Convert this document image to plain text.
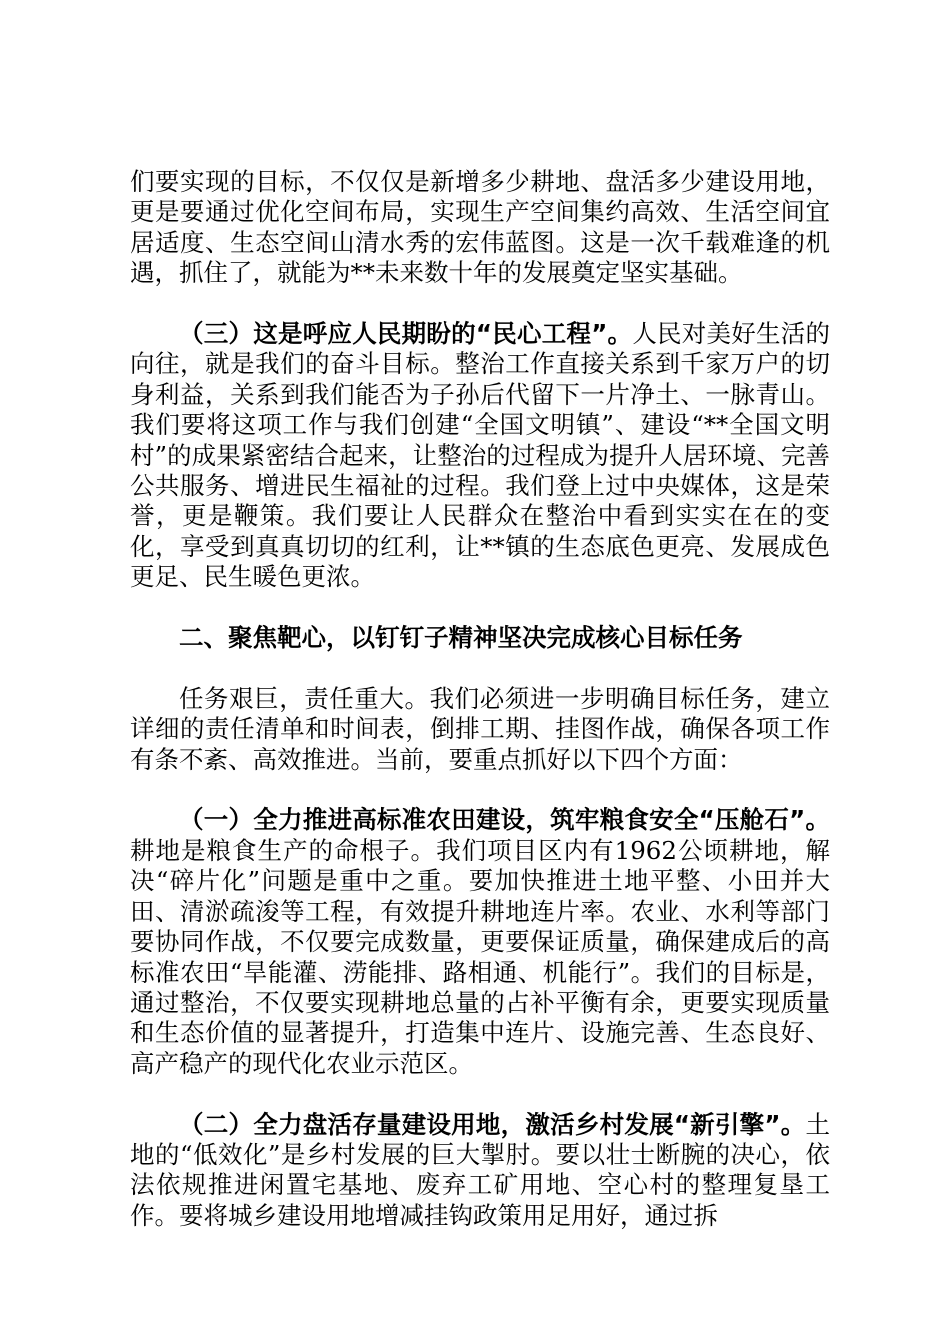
们要实现的目标，不仅仅是新增多少耕地、盘活多少建设用地，更是要通过优化空间布局，实现生产空间集约高效、生活空间宜居适度、生态空间山清水秀的宏伟蓝图。这是一次千载难逢的机遇，抓住了，就能为**未来数十年的发展奠定坚实基础。

（三）这是呼应人民期盼的“民心工程”。人民对美好生活的向往，就是我们的奋斗目标。整治工作直接关系到千家万户的切身利益，关系到我们能否为子孙后代留下一片净土、一脉青山。我们要将这项工作与我们创建“全国文明镇”、建设“**全国文明村”的成果紧密结合起来，让整治的过程成为提升人居环境、完善公共服务、增进民生福祉的过程。我们登上过中央媒体，这是荣誉，更是鞭策。我们要让人民群众在整治中看到实实在在的变化，享受到真真切切的红利，让**镇的生态底色更亮、发展成色更足、民生暖色更浓。

二、聚焦靶心，以钉钉子精神坚决完成核心目标任务

任务艰巨，责任重大。我们必须进一步明确目标任务，建立详细的责任清单和时间表，倒排工期、挂图作战，确保各项工作有条不紊、高效推进。当前，要重点抓好以下四个方面：

（一）全力推进高标准农田建设，筑牢粮食安全“压舱石”。耕地是粮食生产的命根子。我们项目区内有1962公顷耕地，解决“碎片化”问题是重中之重。要加快推进土地平整、小田并大田、清淤疏浚等工程，有效提升耕地连片率。农业、水利等部门要协同作战，不仅要完成数量，更要保证质量，确保建成后的高标准农田“旱能灌、涝能排、路相通、机能行”。我们的目标是，通过整治，不仅要实现耕地总量的占补平衡有余，更要实现质量和生态价值的显著提升，打造集中连片、设施完善、生态良好、高产稳产的现代化农业示范区。

（二）全力盘活存量建设用地，激活乡村发展“新引擎”。土地的“低效化”是乡村发展的巨大掣肘。要以壮士断腕的决心，依法依规推进闲置宅基地、废弃工矿用地、空心村的整理复垦工作。要将城乡建设用地增减挂钩政策用足用好，通过拆
